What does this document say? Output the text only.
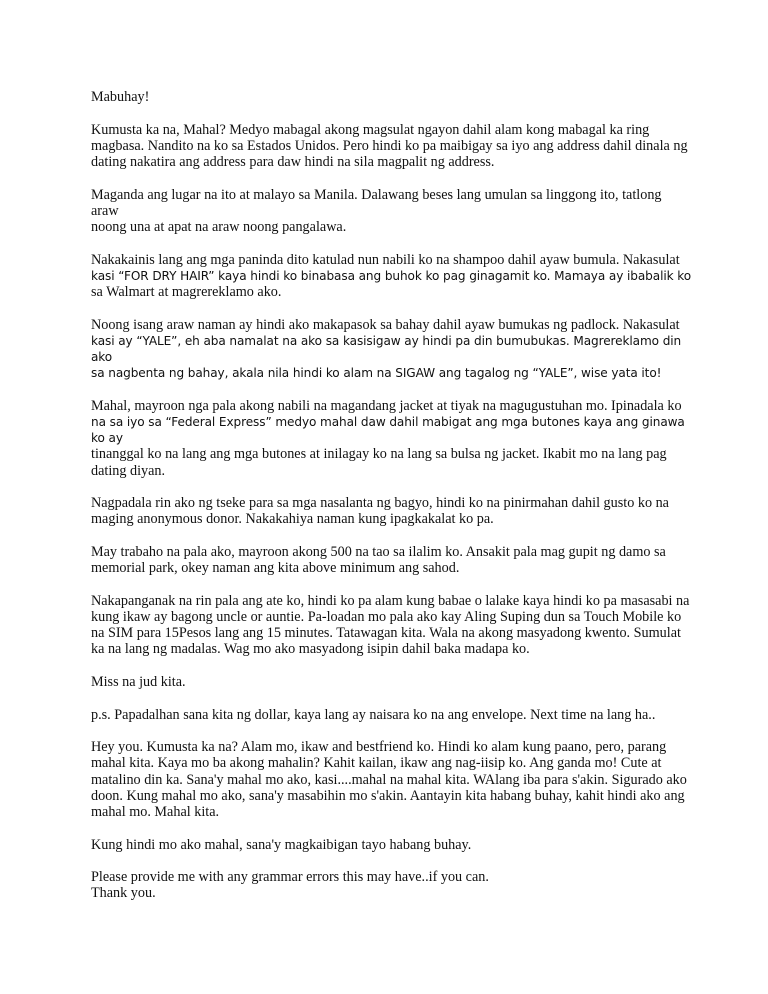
Mabuhay!

Kumusta ka na, Mahal? Medyo mabagal akong magsulat ngayon dahil alam kong mabagal ka ring
magbasa. Nandito na ko sa Estados Unidos. Pero hindi ko pa maibigay sa iyo ang address dahil dinala ng
dating nakatira ang address para daw hindi na sila magpalit ng address.

Maganda ang lugar na ito at malayo sa Manila. Dalawang beses lang umulan sa linggong ito, tatlong araw
noong una at apat na araw noong pangalawa.

Nakakainis lang ang mga paninda dito katulad nun nabili ko na shampoo dahil ayaw bumula. Nakasulat
kasi “FOR DRY HAIR” kaya hindi ko binabasa ang buhok ko pag ginagamit ko. Mamaya ay ibabalik ko
sa Walmart at magrereklamo ako.

Noong isang araw naman ay hindi ako makapasok sa bahay dahil ayaw bumukas ng padlock. Nakasulat
kasi ay “YALE”, eh aba namalat na ako sa kasisigaw ay hindi pa din bumubukas. Magrereklamo din ako
sa nagbenta ng bahay, akala nila hindi ko alam na SIGAW ang tagalog ng “YALE”, wise yata ito!

Mahal, mayroon nga pala akong nabili na magandang jacket at tiyak na magugustuhan mo. Ipinadala ko
na sa iyo sa “Federal Express” medyo mahal daw dahil mabigat ang mga butones kaya ang ginawa ko ay
tinanggal ko na lang ang mga butones at inilagay ko na lang sa bulsa ng jacket. Ikabit mo na lang pag
dating diyan.

Nagpadala rin ako ng tseke para sa mga nasalanta ng bagyo, hindi ko na pinirmahan dahil gusto ko na
maging anonymous donor. Nakakahiya naman kung ipagkakalat ko pa.

May trabaho na pala ako, mayroon akong 500 na tao sa ilalim ko. Ansakit pala mag gupit ng damo sa
memorial park, okey naman ang kita above minimum ang sahod.

Nakapanganak na rin pala ang ate ko, hindi ko pa alam kung babae o lalake kaya hindi ko pa masasabi na
kung ikaw ay bagong uncle or auntie. Pa-loadan mo pala ako kay Aling Suping dun sa Touch Mobile ko
na SIM para 15Pesos lang ang 15 minutes. Tatawagan kita. Wala na akong masyadong kwento. Sumulat
ka na lang ng madalas. Wag mo ako masyadong isipin dahil baka madapa ko.

Miss na jud kita.

p.s. Papadalhan sana kita ng dollar, kaya lang ay naisara ko na ang envelope. Next time na lang ha..

Hey you. Kumusta ka na? Alam mo, ikaw and bestfriend ko. Hindi ko alam kung paano, pero, parang
mahal kita. Kaya mo ba akong mahalin? Kahit kailan, ikaw ang nag-iisip ko. Ang ganda mo! Cute at
matalino din ka. Sana'y mahal mo ako, kasi....mahal na mahal kita. WAlang iba para s'akin. Sigurado ako
doon. Kung mahal mo ako, sana'y masabihin mo s'akin. Aantayin kita habang buhay, kahit hindi ako ang
mahal mo. Mahal kita.

Kung hindi mo ako mahal, sana'y magkaibigan tayo habang buhay.

Please provide me with any grammar errors this may have..if you can.
Thank you.
